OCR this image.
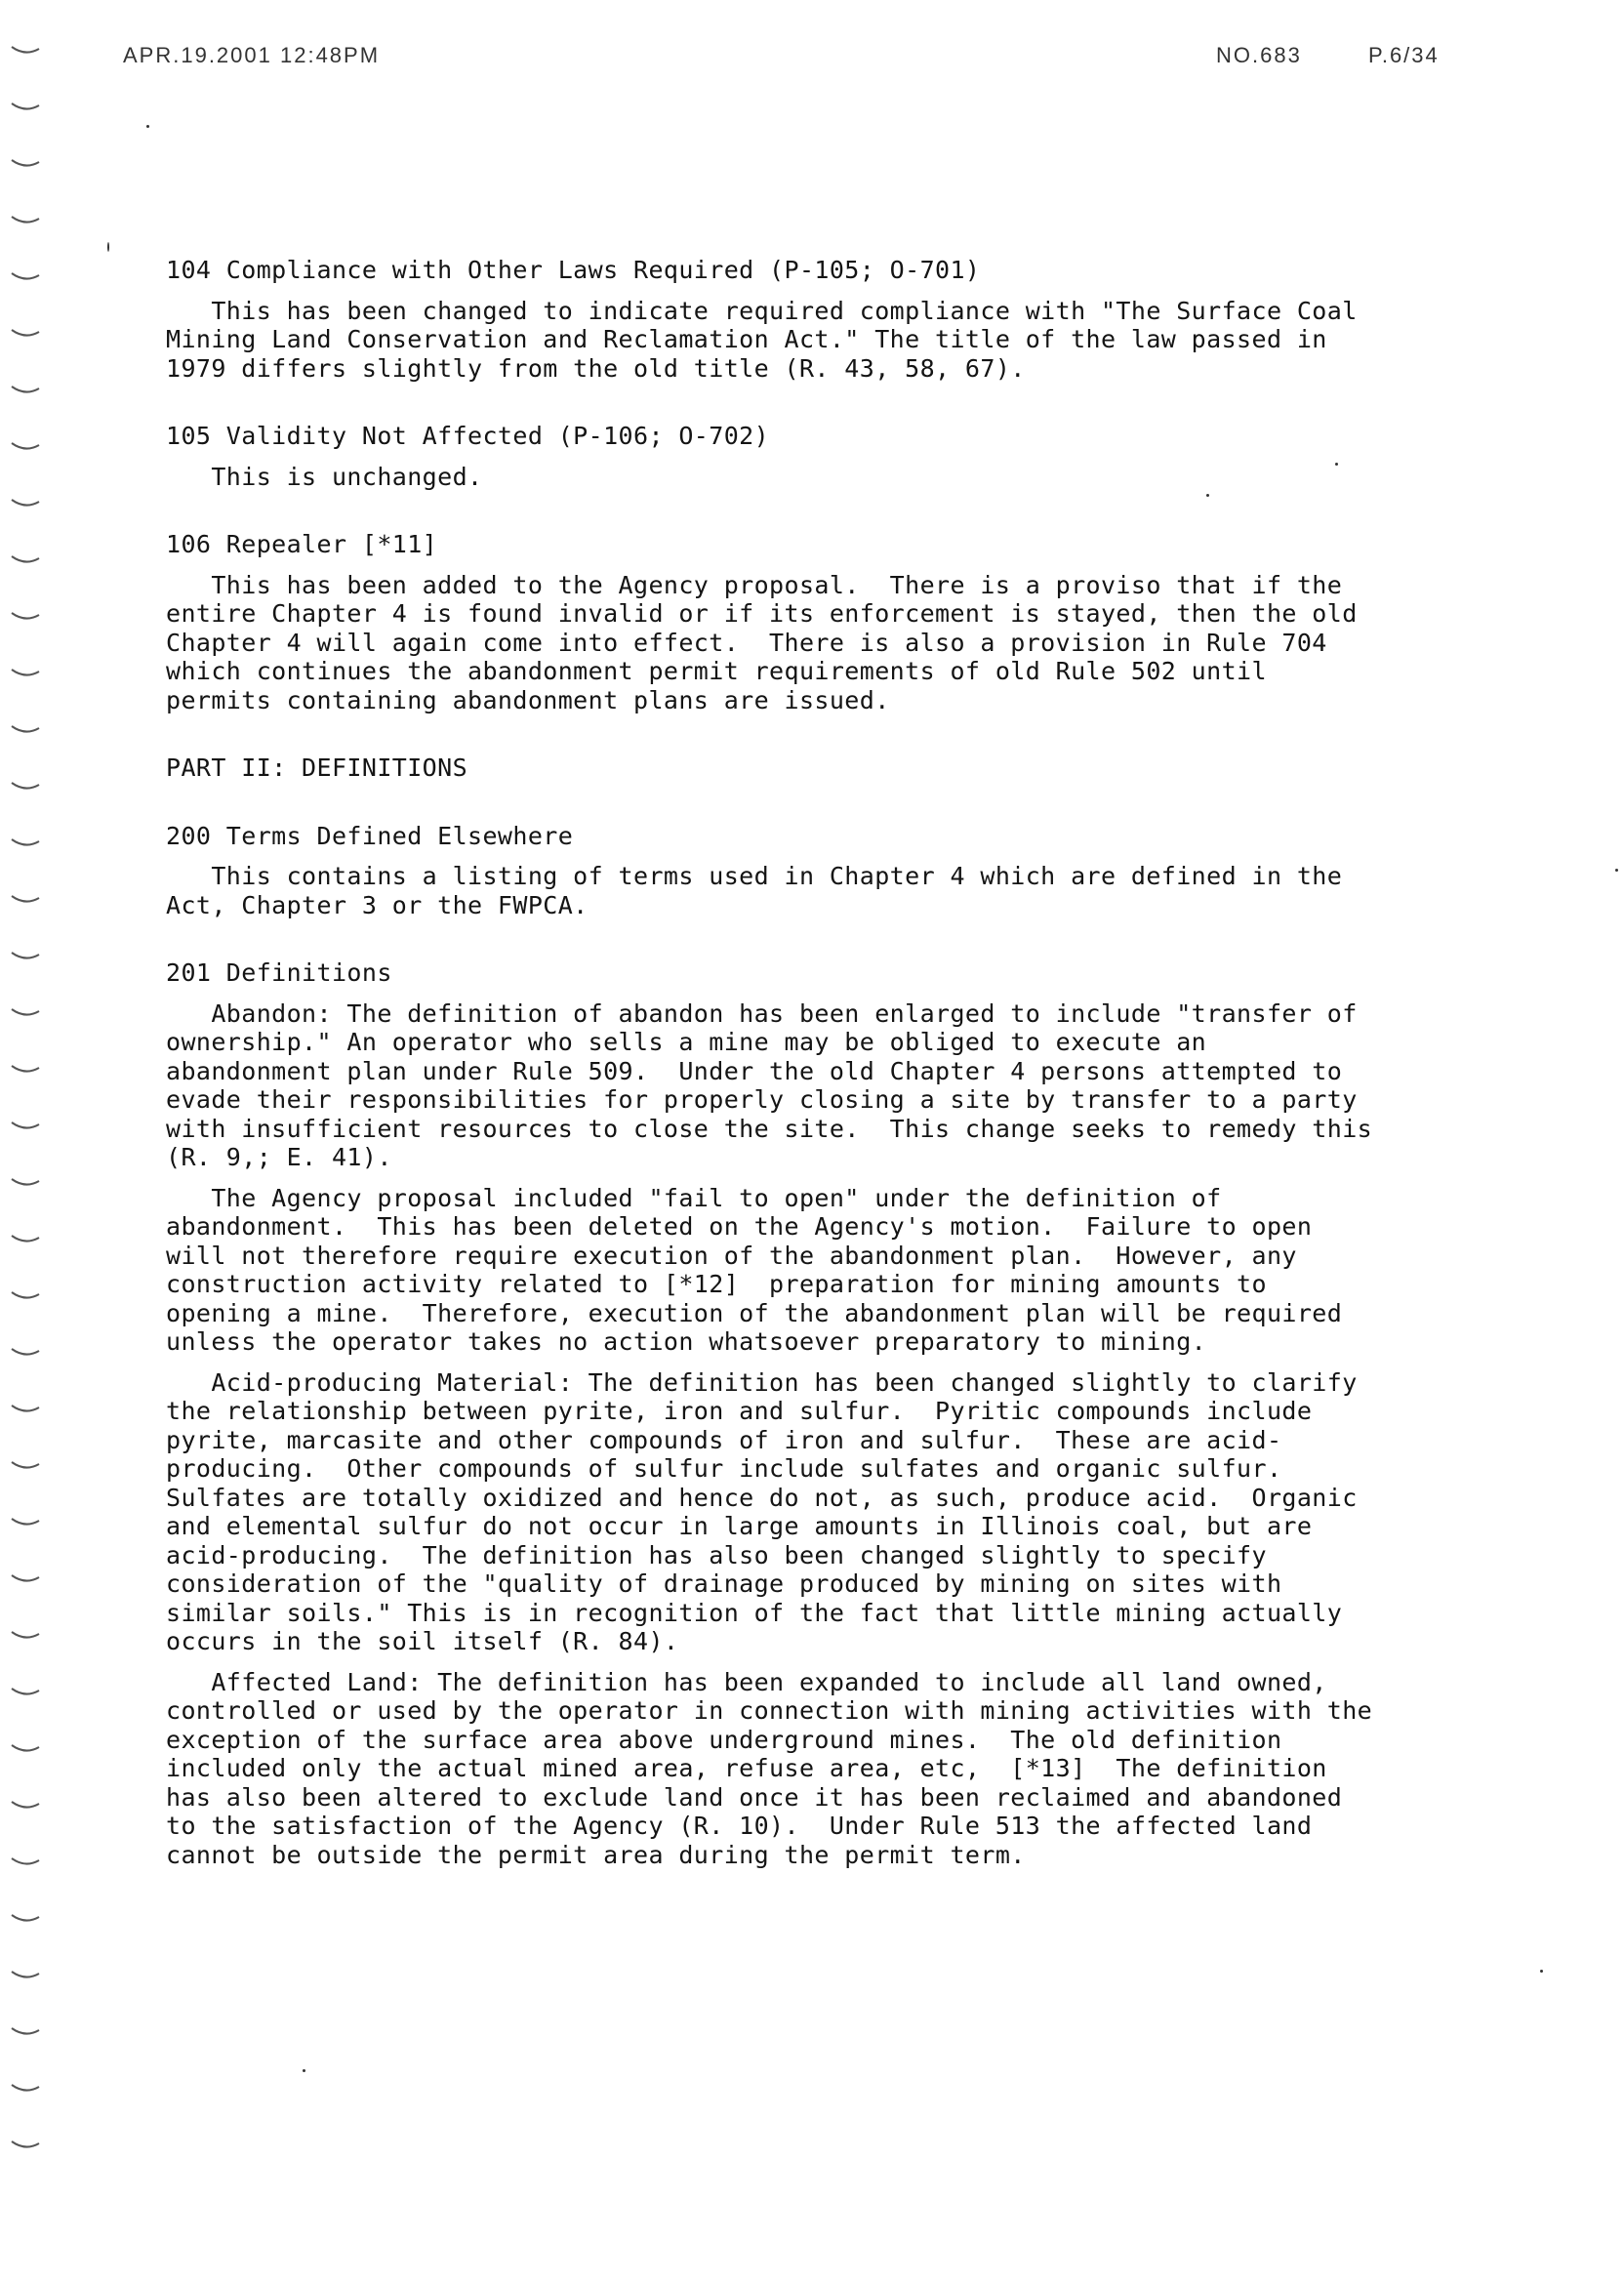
APR.19.2001 12:48PM	NO.683	P.6/34
104 Compliance with Other Laws Required (P-105; O-701)
This has been changed to indicate required compliance with "The Surface Coal
Mining Land Conservation and Reclamation Act." The title of the law passed in
1979 differs slightly from the old title (R. 43, 58, 67).
105 Validity Not Affected (P-106; O-702)
This is unchanged.
106 Repealer [*11]
This has been added to the Agency proposal.  There is a proviso that if the
entire Chapter 4 is found invalid or if its enforcement is stayed, then the old
Chapter 4 will again come into effect.  There is also a provision in Rule 704
which continues the abandonment permit requirements of old Rule 502 until
permits containing abandonment plans are issued.
PART II: DEFINITIONS
200 Terms Defined Elsewhere
This contains a listing of terms used in Chapter 4 which are defined in the
Act, Chapter 3 or the FWPCA.
201 Definitions
Abandon: The definition of abandon has been enlarged to include "transfer of
ownership." An operator who sells a mine may be obliged to execute an
abandonment plan under Rule 509.  Under the old Chapter 4 persons attempted to
evade their responsibilities for properly closing a site by transfer to a party
with insufficient resources to close the site.  This change seeks to remedy this
(R. 9,; E. 41).
The Agency proposal included "fail to open" under the definition of
abandonment.  This has been deleted on the Agency's motion.  Failure to open
will not therefore require execution of the abandonment plan.  However, any
construction activity related to [*12]  preparation for mining amounts to
opening a mine.  Therefore, execution of the abandonment plan will be required
unless the operator takes no action whatsoever preparatory to mining.
Acid-producing Material: The definition has been changed slightly to clarify
the relationship between pyrite, iron and sulfur.  Pyritic compounds include
pyrite, marcasite and other compounds of iron and sulfur.  These are acid-
producing.  Other compounds of sulfur include sulfates and organic sulfur.
Sulfates are totally oxidized and hence do not, as such, produce acid.  Organic
and elemental sulfur do not occur in large amounts in Illinois coal, but are
acid-producing.  The definition has also been changed slightly to specify
consideration of the "quality of drainage produced by mining on sites with
similar soils." This is in recognition of the fact that little mining actually
occurs in the soil itself (R. 84).
Affected Land: The definition has been expanded to include all land owned,
controlled or used by the operator in connection with mining activities with the
exception of the surface area above underground mines.  The old definition
included only the actual mined area, refuse area, etc,  [*13]  The definition
has also been altered to exclude land once it has been reclaimed and abandoned
to the satisfaction of the Agency (R. 10).  Under Rule 513 the affected land
cannot be outside the permit area during the permit term.
